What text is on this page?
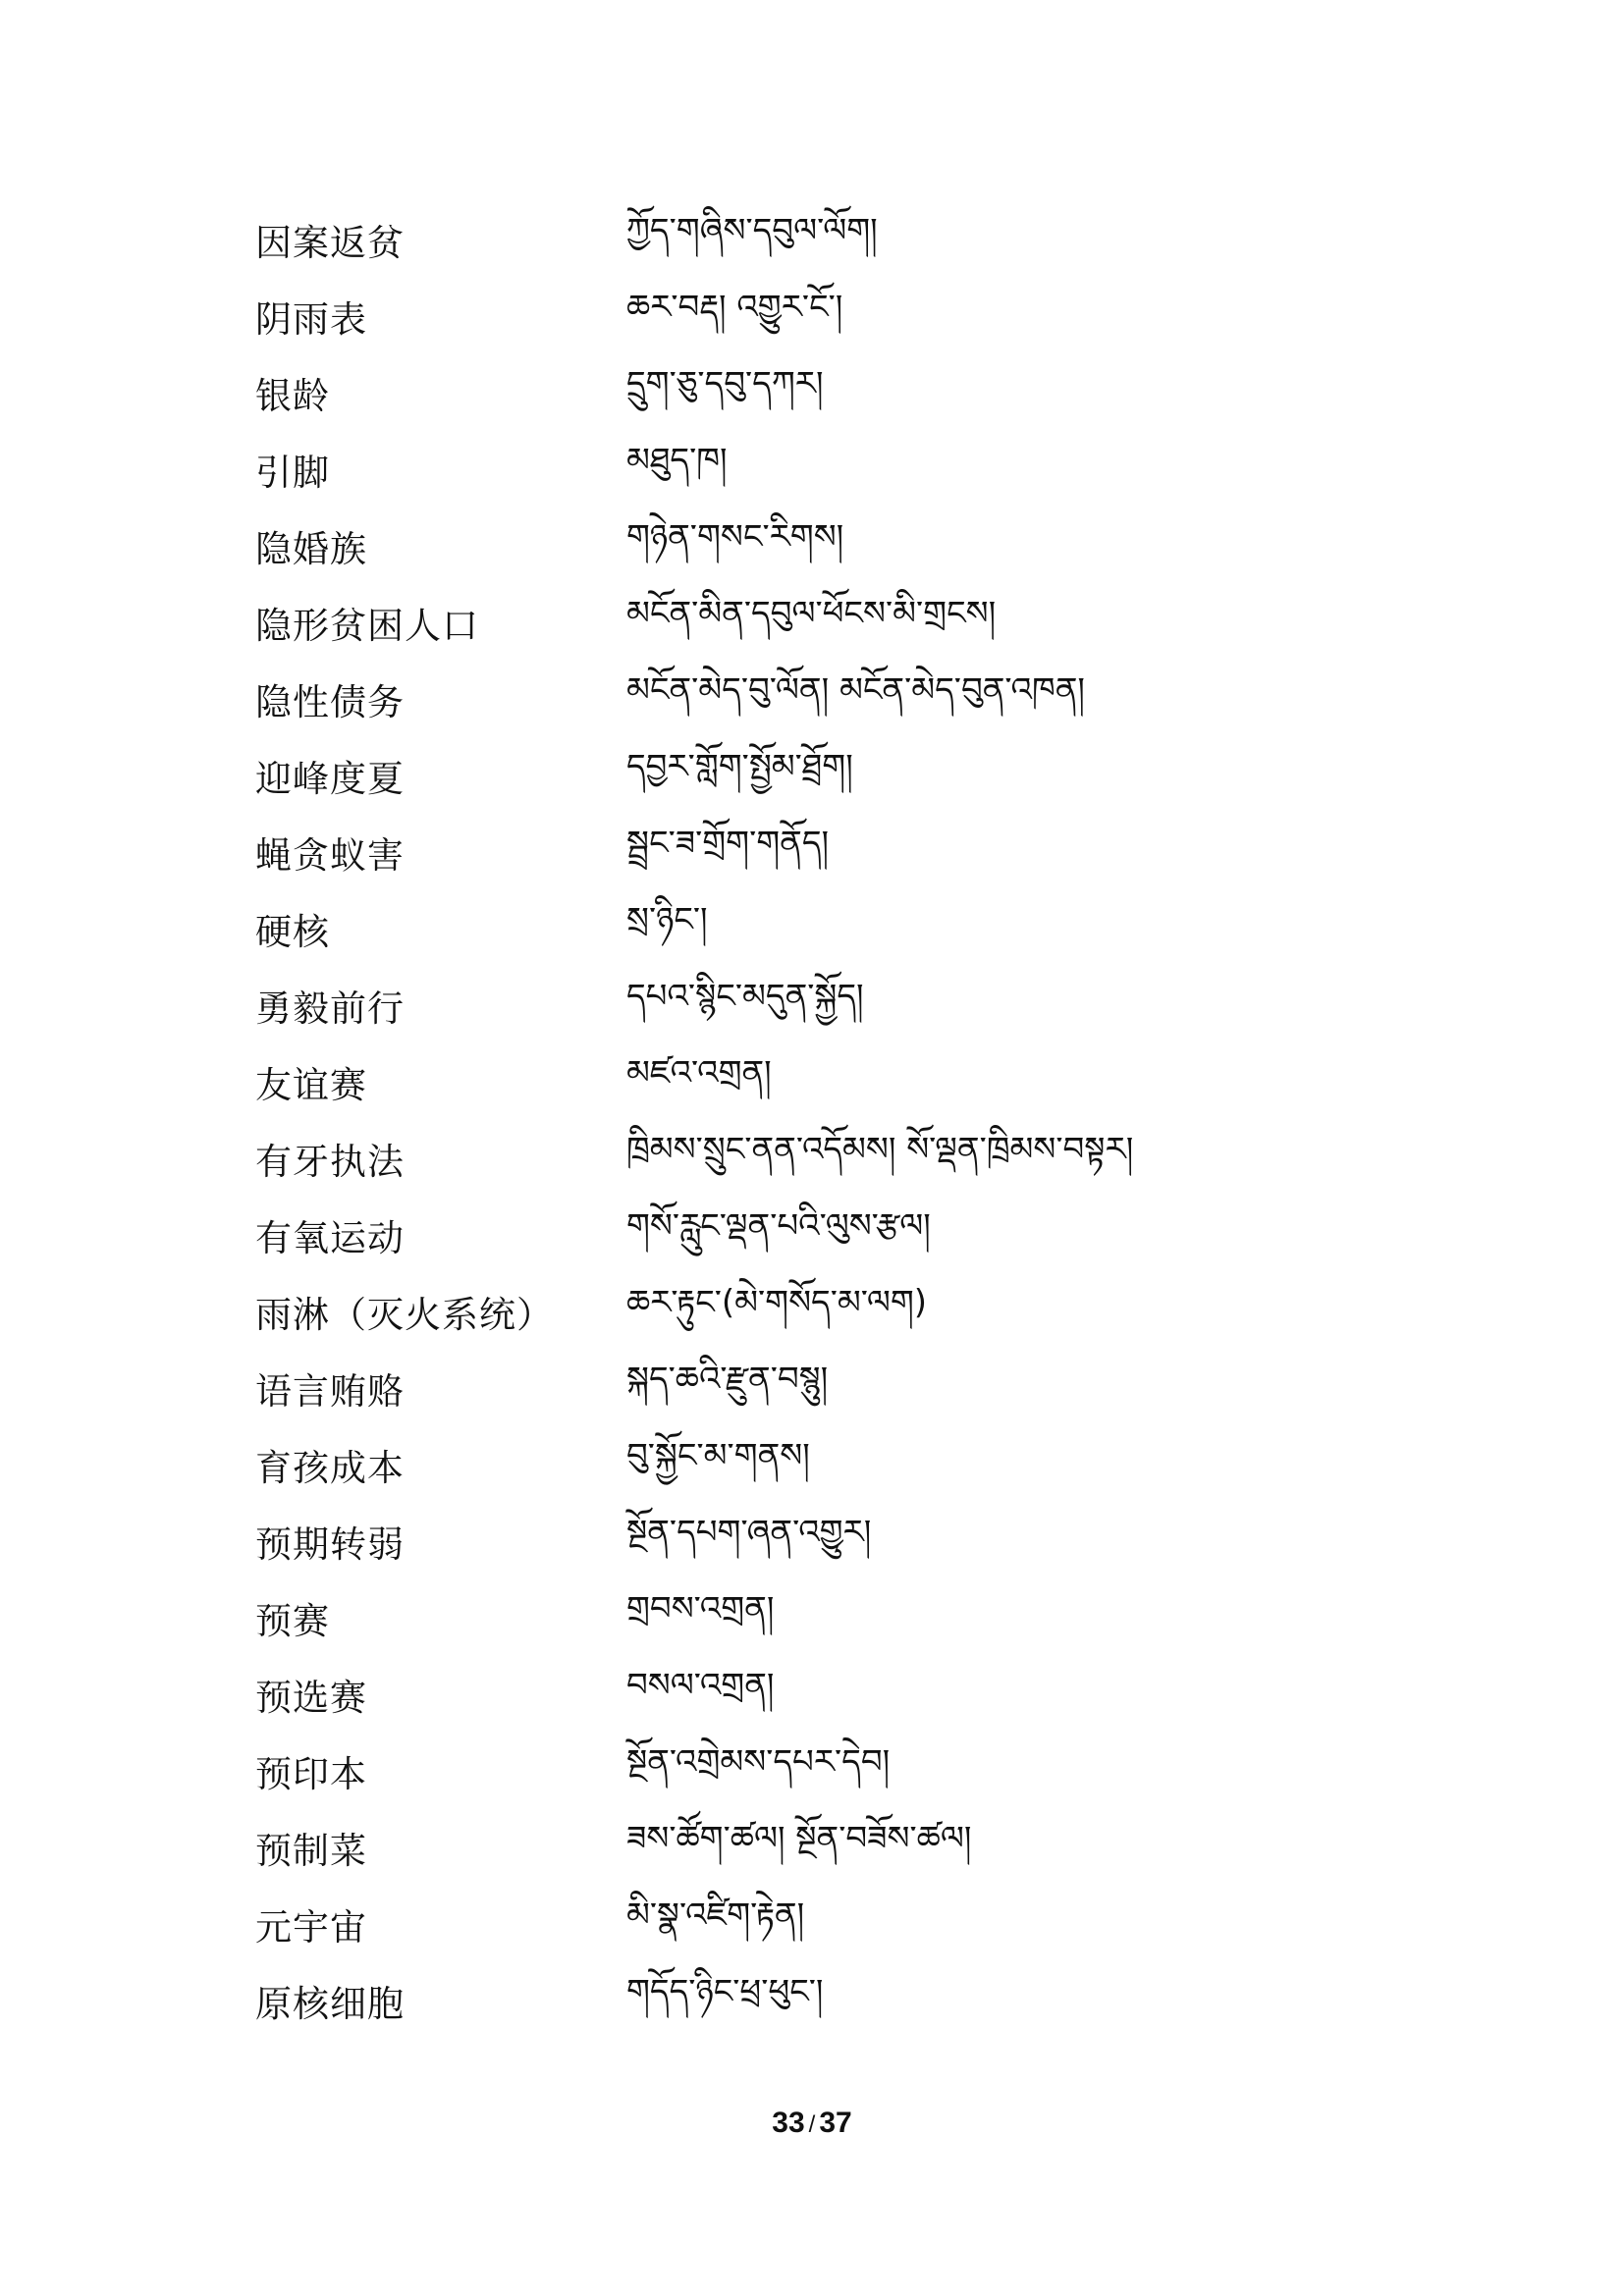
因案返贫	ཀྱོད་གཞིས་དབུལ་ལོག།
阴雨表	ཆར་བརྡ། འགྱུར་ངོ་།
银龄	དྲུག་ཅུ་དབུ་དཀར།
引脚	མཐུད་ཁ།
隐婚族	གཉེན་གསང་རིགས།
隐形贫困人口	མངོན་མིན་དབུལ་ཕོངས་མི་གྲངས།
隐性债务	མངོན་མེད་བུ་ལོན། མངོན་མེད་བུན་འཁན།
迎峰度夏	དབྱར་གློག་སྤྱོམ་ཐྲོག།
蝇贪蚁害	སྦྲང་ཟ་གྲོག་གནོད།
硬核	སྲ་ཉིང་།
勇毅前行	དཔའ་སྙིང་མདུན་སྐྱོད།
友谊赛	མཛའ་འགྲན།
有牙执法	ཁྲིམས་སྲུང་ནན་འདོམས། སོ་ལྡན་ཁྲིམས་བསྟར།
有氧运动	གསོ་རླུང་ལྡན་པའི་ལུས་རྩལ།
雨淋（灭火系统）	ཆར་རྟུང་(མེ་གསོད་མ་ལག)
语言贿赂	སྐད་ཆའི་རྫུན་བསྙུ།
育孩成本	བུ་སྐྱོང་མ་གནས།
预期转弱	སྔོན་དཔག་ཞན་འགྱུར།
预赛	གྲབས་འགྲན།
预选赛	བསལ་འགྲན།
预印本	སྔོན་འགྲེམས་དཔར་དེབ།
预制菜	ཟས་ཚོག་ཚལ། སྔོན་བཟོས་ཚལ།
元宇宙	མི་སྣ་འཛིག་རྟེན།
原核细胞	གདོད་ཉིང་ཕྲ་ཕུང་།
33 / 37
